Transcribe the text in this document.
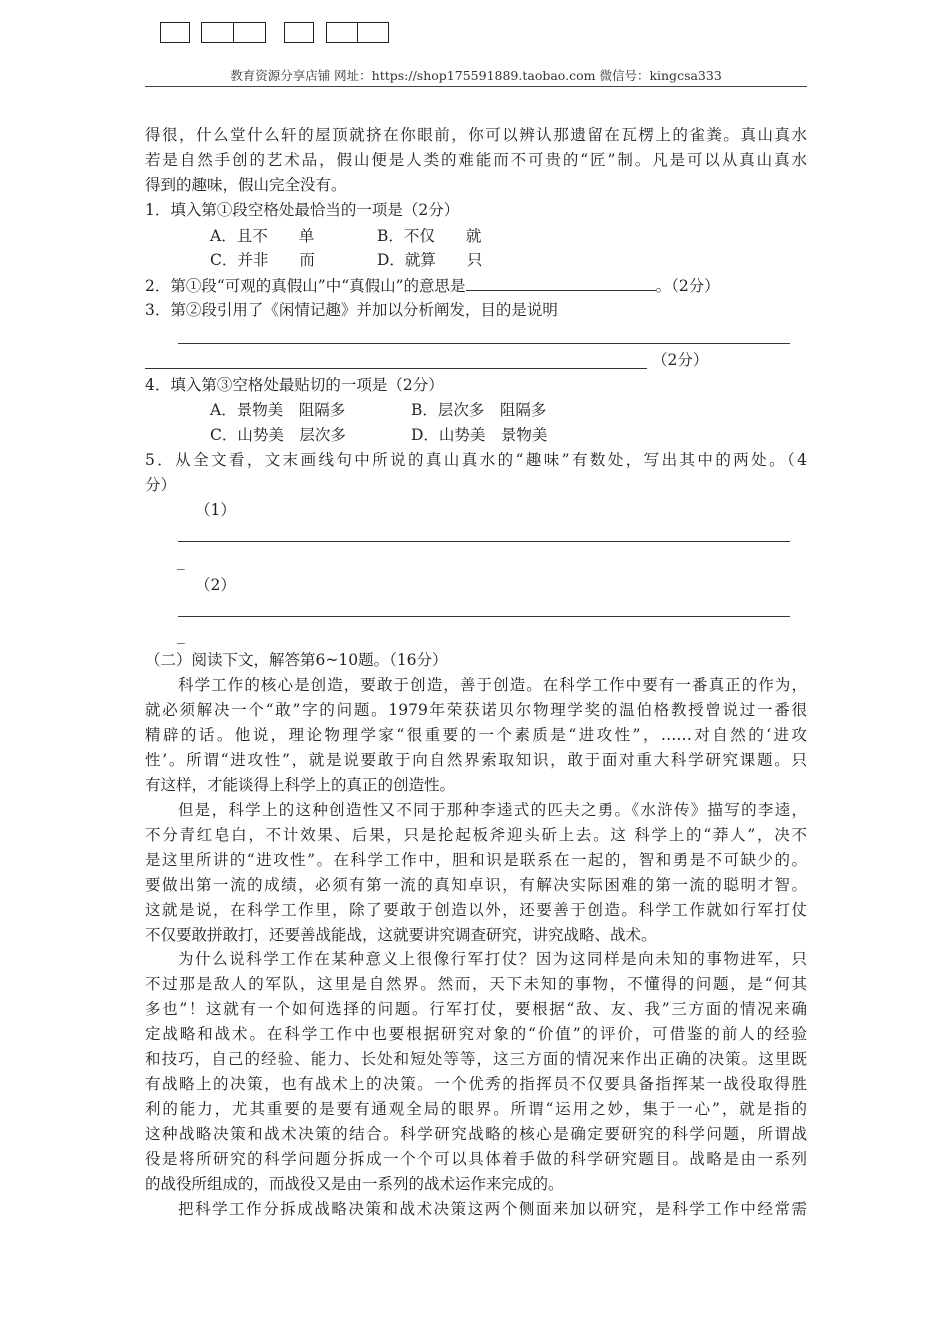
教育资源分享店铺 网址：https://shop175591889.taobao.com 微信号：kingcsa333
得很，什么堂什么轩的屋顶就挤在你眼前，你可以辨认那遗留在瓦楞上的雀粪。真山真水
若是自然手创的艺术品，假山便是人类的难能而不可贵的“匠”制。凡是可以从真山真水
得到的趣味，假山完全没有。
1．填入第①段空格处最恰当的一项是（2分）
A．且不　　单	B．不仅　　就
C．并非　　而	D．就算　　只
2．第①段“可观的真假山”中“真假山”的意思是	。（2分）
3．第②段引用了《闲情记趣》并加以分析阐发，目的是说明
（2分）
4．填入第③空格处最贴切的一项是（2分）
A．景物美　阻隔多	B．层次多　阻隔多
C．山势美　层次多	D．山势美　景物美
5．从全文看，文末画线句中所说的真山真水的“趣味”有数处，写出其中的两处。（4
分）
（1）
_
（2）
_
（二）阅读下文，解答第6~10题。（16分）
科学工作的核心是创造，要敢于创造，善于创造。在科学工作中要有一番真正的作为，
就必须解决一个“敢”字的问题。1979年荣获诺贝尔物理学奖的温伯格教授曾说过一番很
精辟的话。他说，理论物理学家“很重要的一个素质是“进攻性”，……对自然的‘进攻
性’。所谓“进攻性”，就是说要敢于向自然界索取知识，敢于面对重大科学研究课题。只
有这样，才能谈得上科学上的真正的创造性。
但是，科学上的这种创造性又不同于那种李逵式的匹夫之勇。《水浒传》描写的李逵，
不分青红皂白，不计效果、后果，只是抡起板斧迎头斫上去。这 科学上的“莽人”，决不
是这里所讲的“进攻性”。在科学工作中，胆和识是联系在一起的，智和勇是不可缺少的。
要做出第一流的成绩，必须有第一流的真知卓识，有解决实际困难的第一流的聪明才智。
这就是说，在科学工作里，除了要敢于创造以外，还要善于创造。科学工作就如行军打仗
不仅要敢拼敢打，还要善战能战，这就要讲究调查研究，讲究战略、战术。
为什么说科学工作在某种意义上很像行军打仗？因为这同样是向未知的事物进军，只
不过那是敌人的军队，这里是自然界。然而，天下未知的事物，不懂得的问题，是“何其
多也”！这就有一个如何选择的问题。行军打仗，要根据“敌、友、我”三方面的情况来确
定战略和战术。在科学工作中也要根据研究对象的“价值”的评价，可借鉴的前人的经验
和技巧，自己的经验、能力、长处和短处等等，这三方面的情况来作出正确的决策。这里既
有战略上的决策，也有战术上的决策。一个优秀的指挥员不仅要具备指挥某一战役取得胜
利的能力，尤其重要的是要有通观全局的眼界。所谓“运用之妙，集于一心”，就是指的
这种战略决策和战术决策的结合。科学研究战略的核心是确定要研究的科学问题，所谓战
役是将所研究的科学问题分拆成一个个可以具体着手做的科学研究题目。战略是由一系列
的战役所组成的，而战役又是由一系列的战术运作来完成的。
把科学工作分拆成战略决策和战术决策这两个侧面来加以研究，是科学工作中经常需
